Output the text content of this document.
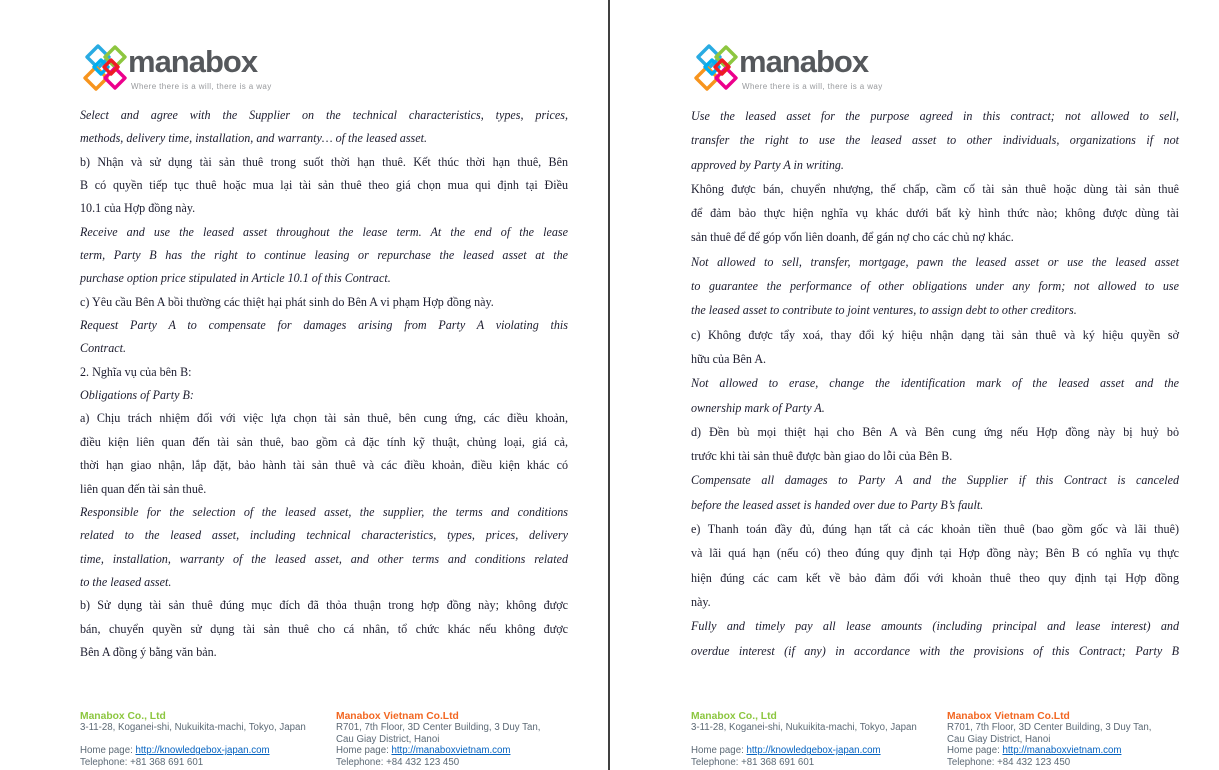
manabox
Where there is a will, there is a way
Select and agree with the Supplier on the technical characteristics, types, prices,
methods, delivery time, installation, and warranty… of the leased asset.
b) Nhận và sử dụng tài sản thuê trong suốt thời hạn thuê. Kết thúc thời hạn thuê, Bên
B có quyền tiếp tục thuê hoặc mua lại tài sản thuê theo giá chọn mua qui định tại Điều
10.1 của Hợp đồng này.
Receive and use the leased asset throughout the lease term. At the end of the lease
term, Party B has the right to continue leasing or repurchase the leased asset at the
purchase option price stipulated in Article 10.1 of this Contract.
c) Yêu cầu Bên A bồi thường các thiệt hại phát sinh do Bên A vi phạm Hợp đồng này.
Request Party A to compensate for damages arising from Party A violating this
Contract.
2. Nghĩa vụ của bên B:
Obligations of Party B:
a) Chịu trách nhiệm đối với việc lựa chọn tài sản thuê, bên cung ứng, các điều khoản,
điều kiện liên quan đến tài sản thuê, bao gồm cả đặc tính kỹ thuật, chủng loại, giá cả,
thời hạn giao nhận, lắp đặt, bảo hành tài sản thuê và các điều khoản, điều kiện khác có
liên quan đến tài sản thuê.
Responsible for the selection of the leased asset, the supplier, the terms and conditions
related to the leased asset, including technical characteristics, types, prices, delivery
time, installation, warranty of the leased asset, and other terms and conditions related
to the leased asset.
b) Sử dụng tài sản thuê đúng mục đích đã thỏa thuận trong hợp đồng này; không được
bán, chuyển quyền sử dụng tài sản thuê cho cá nhân, tổ chức khác nếu không được
Bên A đồng ý bằng văn bản.
Manabox Co., Ltd
3-11-28, Koganei-shi, Nukuikita-machi, Tokyo, Japan
Home page: http://knowledgebox-japan.com
Telephone: +81 368 691 601
Manabox Vietnam Co.Ltd
R701, 7th Floor, 3D Center Building, 3 Duy Tan,
Cau Giay District, Hanoi
Home page: http://manaboxvietnam.com
Telephone: +84 432 123 450
manabox
Where there is a will, there is a way
Use the leased asset for the purpose agreed in this contract; not allowed to sell,
transfer the right to use the leased asset to other individuals, organizations if not
approved by Party A in writing.
Không được bán, chuyển nhượng, thế chấp, cầm cố tài sản thuê hoặc dùng tài sản thuê
để đảm bảo thực hiện nghĩa vụ khác dưới bất kỳ hình thức nào; không được dùng tài
sản thuê để để góp vốn liên doanh, để gán nợ cho các chủ nợ khác.
Not allowed to sell, transfer, mortgage, pawn the leased asset or use the leased asset
to guarantee the performance of other obligations under any form; not allowed to use
the leased asset to contribute to joint ventures, to assign debt to other creditors.
c) Không được tẩy xoá, thay đổi ký hiệu nhận dạng tài sản thuê và ký hiệu quyền sở
hữu của Bên A.
Not allowed to erase, change the identification mark of the leased asset and the
ownership mark of Party A.
d) Đền bù mọi thiệt hại cho Bên A và Bên cung ứng nếu Hợp đồng này bị huỷ bỏ
trước khi tài sản thuê được bàn giao do lỗi của Bên B.
Compensate all damages to Party A and the Supplier if this Contract is canceled
before the leased asset is handed over due to Party B’s fault.
e) Thanh toán đầy đủ, đúng hạn tất cả các khoản tiền thuê (bao gồm gốc và lãi thuê)
và lãi quá hạn (nếu có) theo đúng quy định tại Hợp đồng này; Bên B có nghĩa vụ thực
hiện đúng các cam kết về bảo đảm đối với khoản thuê theo quy định tại Hợp đồng
này.
Fully and timely pay all lease amounts (including principal and lease interest) and
overdue interest (if any) in accordance with the provisions of this Contract; Party B
Manabox Co., Ltd
3-11-28, Koganei-shi, Nukuikita-machi, Tokyo, Japan
Home page: http://knowledgebox-japan.com
Telephone: +81 368 691 601
Manabox Vietnam Co.Ltd
R701, 7th Floor, 3D Center Building, 3 Duy Tan,
Cau Giay District, Hanoi
Home page: http://manaboxvietnam.com
Telephone: +84 432 123 450
